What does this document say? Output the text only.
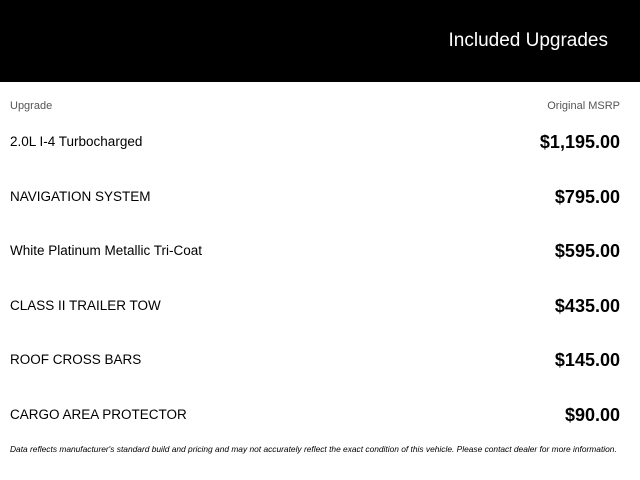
Included Upgrades
Upgrade	Original MSRP
2.0L I-4 Turbocharged	$1,195.00
NAVIGATION SYSTEM	$795.00
White Platinum Metallic Tri-Coat	$595.00
CLASS II TRAILER TOW	$435.00
ROOF CROSS BARS	$145.00
CARGO AREA PROTECTOR	$90.00
Data reflects manufacturer's standard build and pricing and may not accurately reflect the exact condition of this vehicle. Please contact dealer for more information.
